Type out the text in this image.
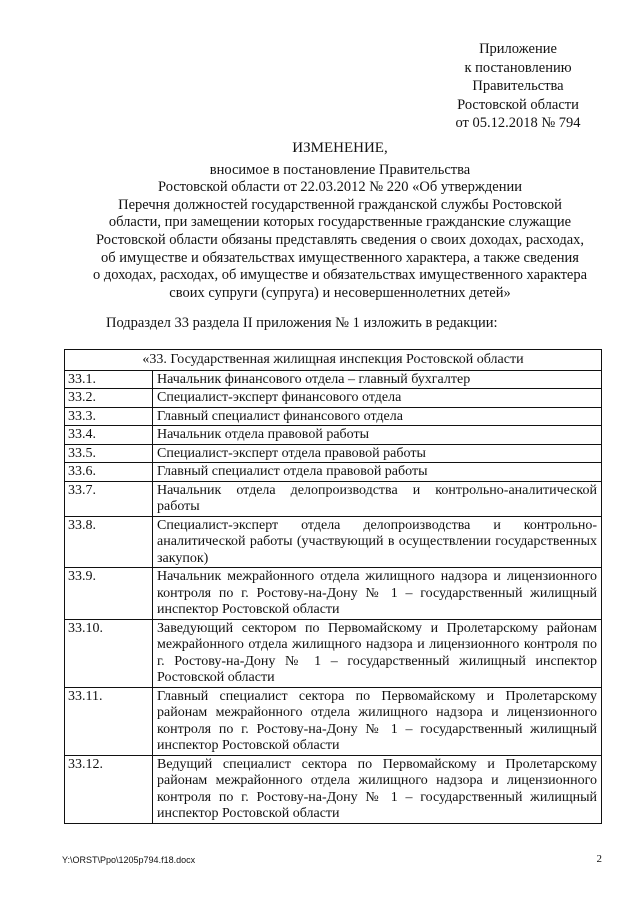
Приложение
к постановлению
Правительства
Ростовской области
от 05.12.2018 № 794
ИЗМЕНЕНИЕ,
вносимое в постановление Правительства
Ростовской области от 22.03.2012 № 220 «Об утверждении
Перечня должностей государственной гражданской службы Ростовской
области, при замещении которых государственные гражданские служащие
Ростовской области обязаны представлять сведения о своих доходах, расходах,
об имуществе и обязательствах имущественного характера, а также сведения
о доходах, расходах, об имуществе и обязательствах имущественного характера
своих супруги (супруга) и несовершеннолетних детей»
Подраздел 33 раздела II приложения № 1 изложить в редакции:
«33. Государственная жилищная инспекция Ростовской области	
33.1.	Начальник финансового отдела – главный бухгалтер
33.2.	Специалист-эксперт финансового отдела
33.3.	Главный специалист финансового отдела
33.4.	Начальник отдела правовой работы
33.5.	Специалист-эксперт отдела правовой работы
33.6.	Главный специалист отдела правовой работы
33.7.	Начальник отдела делопроизводства и контрольно-аналитической работы
33.8.	Специалист-эксперт отдела делопроизводства и контрольно-аналитической работы (участвующий в осуществлении государственных закупок)
33.9.	Начальник межрайонного отдела жилищного надзора и лицензионного контроля по г. Ростову-на-Дону № 1 – государственный жилищный инспектор Ростовской области
33.10.	Заведующий сектором по Первомайскому и Пролетарскому районам межрайонного отдела жилищного надзора и лицензионного контроля по г. Ростову-на-Дону № 1 – государственный жилищный инспектор Ростовской области
33.11.	Главный специалист сектора по Первомайскому и Пролетарскому районам межрайонного отдела жилищного надзора и лицензионного контроля по г. Ростову-на-Дону № 1 – государственный жилищный инспектор Ростовской области
33.12.	Ведущий специалист сектора по Первомайскому и Пролетарскому районам межрайонного отдела жилищного надзора и лицензионного контроля по г. Ростову-на-Дону № 1 – государственный жилищный инспектор Ростовской области
Y:\ORST\Ppo\1205p794.f18.docx	2
